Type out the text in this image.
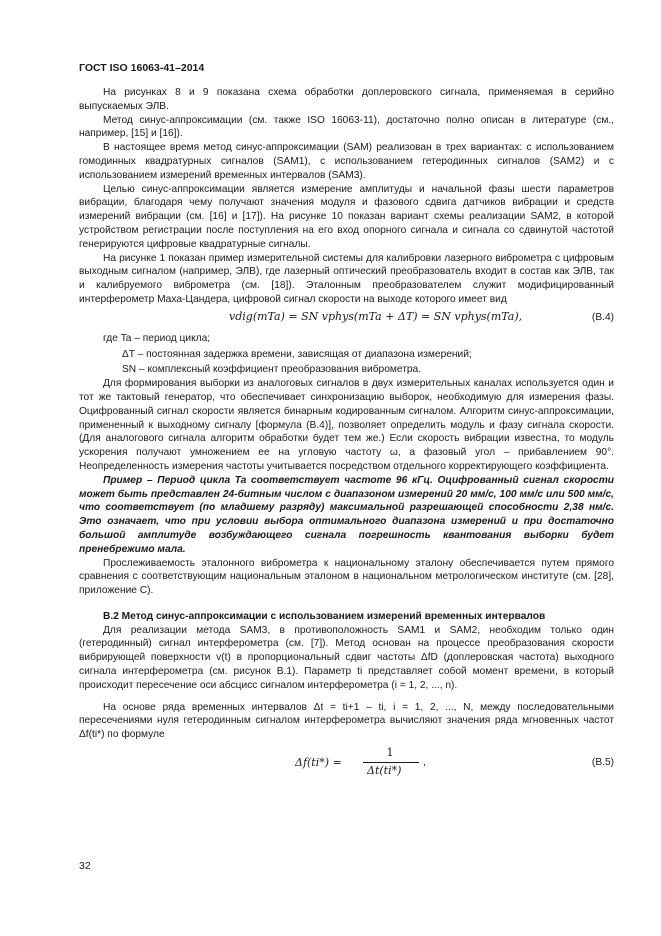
ГОСТ ISO 16063-41–2014

На рисунках 8 и 9 показана схема обработки доплеровского сигнала, применяемая в серийно выпускаемых ЭЛВ.

Метод синус-аппроксимации (см. также ISO 16063-11), достаточно полно описан в литературе (см., например, [15] и [16]).

В настоящее время метод синус-аппроксимации (SAM) реализован в трех вариантах: с использованием гомодинных квадратурных сигналов (SAM1), с использованием гетеродинных сигналов (SAM2) и с использованием измерений временных интервалов (SAM3).

Целью синус-аппроксимации является измерение амплитуды и начальной фазы шести параметров вибрации, благодаря чему получают значения модуля и фазового сдвига датчиков вибрации и средств измерений вибрации (см. [16] и [17]). На рисунке 10 показан вариант схемы реализации SAM2, в которой устройством регистрации после поступления на его вход опорного сигнала и сигнала со сдвинутой частотой генерируются цифровые квадратурные сигналы.

На рисунке 1 показан пример измерительной системы для калибровки лазерного виброметра с цифровым выходным сигналом (например, ЭЛВ), где лазерный оптический преобразователь входит в состав как ЭЛВ, так и калибруемого виброметра (см. [18]). Эталонным преобразователем служит модифицированный интерферометр Маха-Цандера, цифровой сигнал скорости на выходе которого имеет вид

vdig(mTa) = SN vphys(mTa + ΔT) = SN vphys(mTa),	(В.4)

где Ta – период цикла;

ΔT – постоянная задержка времени, зависящая от диапазона измерений;

SN – комплексный коэффициент преобразования виброметра.

Для формирования выборки из аналоговых сигналов в двух измерительных каналах используется один и тот же тактовый генератор, что обеспечивает синхронизацию выборок, необходимую для измерения фазы. Оцифрованный сигнал скорости является бинарным кодированным сигналом. Алгоритм синус-аппроксимации, примененный к выходному сигналу [формула (В.4)], позволяет определить модуль и фазу сигнала скорости. (Для аналогового сигнала алгоритм обработки будет тем же.) Если скорость вибрации известна, то модуль ускорения получают умножением ее на угловую частоту ω, а фазовый угол – прибавлением 90°. Неопределенность измерения частоты учитывается посредством отдельного корректирующего коэффициента.

Пример – Период цикла Ta соответствует частоте 96 кГц. Оцифрованный сигнал скорости может быть представлен 24-битным числом с диапазоном измерений 20 мм/с, 100 мм/с или 500 мм/с, что соответствует (по младшему разряду) максимальной разрешающей способности 2,38 нм/с. Это означает, что при условии выбора оптимального диапазона измерений и при достаточно большой амплитуде возбуждающего сигнала погрешность квантования выборки будет пренебрежимо мала.

Прослеживаемость эталонного виброметра к национальному эталону обеспечивается путем прямого сравнения с соответствующим национальным эталоном в национальном метрологическом институте (см. [28], приложение С).

В.2 Метод синус-аппроксимации с использованием измерений временных интервалов

Для реализации метода SAM3, в противоположность SAM1 и SAM2, необходим только один (гетеродинный) сигнал интерферометра (см. [7]). Метод основан на процессе преобразования скорости вибрирующей поверхности v(t) в пропорциональный сдвиг частоты ΔfD (доплеровская частота) выходного сигнала интерферометра (см. рисунок В.1). Параметр ti представляет собой момент времени, в который происходит пересечение оси абсцисс сигналом интерферометра (i = 1, 2, ..., n).

На основе ряда временных интервалов Δt = ti+1 – ti, i = 1, 2, ..., N, между последовательными пересечениями нуля гетеродинным сигналом интерферометра вычисляют значения ряда мгновенных частот Δf(ti*) по формуле

Δf(ti*) =
1
Δt(ti*)
,	(В.5)
32
